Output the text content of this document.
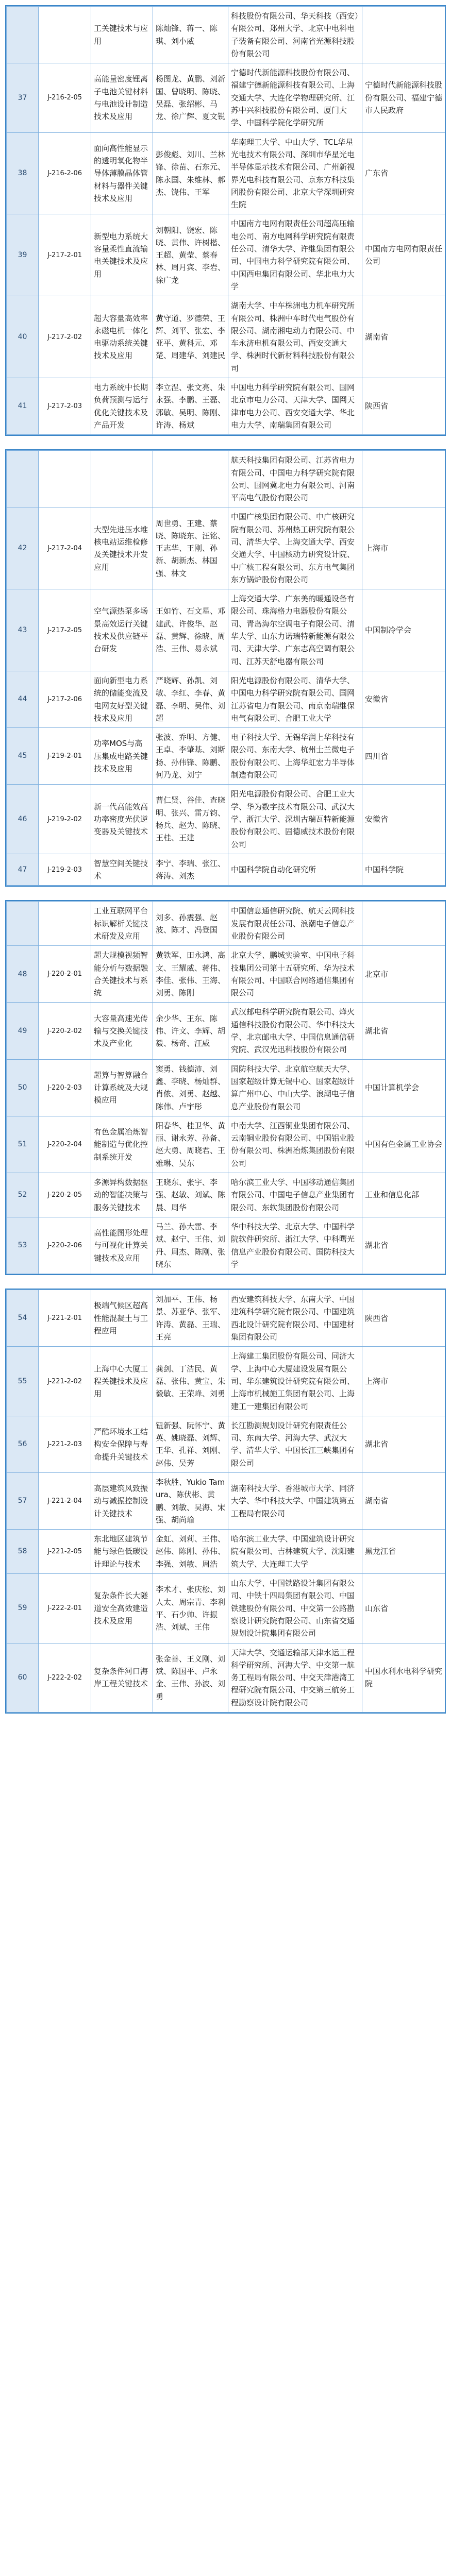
		工关键技术与应用	陈灿锋、蒋一、陈琪、刘小威	科技股份有限公司、华天科技（西安）有限公司、郑州大学、北京中电科电子装备有限公司、河南省光源科技股份有限公司	
37	J-216-2-05	高能量密度锂离子电池关键材料与电池设计制造技术及应用	杨图龙、黄鹏、刘新国、曾晓明、陈晓、吴磊、张绍彬、马龙、徐广辉、夏文锐	宁德时代新能源科技股份有限公司、福建宁德新能源科技有限公司、上海交通大学、大连化学物理研究所、江苏中兴科技股份有限公司、厦门大学、中国科学院化学研究所	宁德时代新能源科技股份有限公司、福建宁德市人民政府
38	J-216-2-06	面向高性能显示的透明氧化物半导体薄膜晶体管材料与器件关键技术及应用	彭俊彪、刘川、兰林锋、徐苗、石东元、陈永国、朱维林、郝杰、饶伟、王军	华南理工大学、中山大学、TCL华星光电技术有限公司、深圳市华星光电半导体显示技术有限公司、广州新视界光电科技有限公司、京东方科技集团股份有限公司、北京大学深圳研究生院	广东省
39	J-217-2-01	新型电力系统大容量柔性直流输电关键技术及应用	刘朝阳、饶宏、陈晓、黄伟、许树楷、王超、黄莹、蔡春林、周月宾、李岩、徐广龙	中国南方电网有限责任公司超高压输电公司、南方电网科学研究院有限责任公司、清华大学、许继集团有限公司、中国电力科学研究院有限公司、中国西电集团有限公司、华北电力大学	中国南方电网有限责任公司
40	J-217-2-02	超大容量高效率永磁电机一体化电驱动系统关键技术及应用	黄守道、罗德荣、王辉、刘平、张宏、李亚平、黄科元、邓楚、周建华、刘建民	湖南大学、中车株洲电力机车研究所有限公司、株洲中车时代电气股份有限公司、湖南湘电动力有限公司、中车永济电机有限公司、西安交通大学、株洲时代新材料科技股份有限公司	湖南省
41	J-217-2-03	电力系统中长期负荷预测与运行优化关键技术及产品开发	李立浧、张文亮、朱永强、李鹏、王磊、郭敏、吴明、陈刚、许涛、杨斌	中国电力科学研究院有限公司、国网北京市电力公司、天津大学、国网天津市电力公司、西安交通大学、华北电力大学、南瑞集团有限公司	陕西省
				航天科技集团有限公司、江苏省电力有限公司、中国电力科学研究院有限公司、国网冀北电力有限公司、河南平高电气股份有限公司	
42	J-217-2-04	大型先进压水堆核电站运维检修及关键技术开发应用	周世勇、王建、蔡晓、陈晓东、汪铭、王志华、王刚、孙新、胡新杰、林国强、林文	中国广核集团有限公司、中广核研究院有限公司、苏州热工研究院有限公司、清华大学、上海交通大学、西安交通大学、中国核动力研究设计院、中广核工程有限公司、东方电气集团东方锅炉股份有限公司	上海市
43	J-217-2-05	空气源热泵多场景高效运行关键技术及供应链平台研发	王如竹、石文星、邓建武、许俊华、赵磊、黄辉、徐晓、周浩、王伟、易永斌	上海交通大学、广东美的暖通设备有限公司、珠海格力电器股份有限公司、青岛海尔空调电子有限公司、清华大学、山东力诺瑞特新能源有限公司、天津大学、广东志高空调有限公司、江苏天舒电器有限公司	中国制冷学会
44	J-217-2-06	面向新型电力系统的储能变流及电网友好型关键技术及应用	严晓辉、孙凯、刘敏、李红、李春、黄磊、李明、吴伟、刘超	阳光电源股份有限公司、清华大学、中国电力科学研究院有限公司、国网江苏省电力有限公司、南京南瑞继保电气有限公司、合肥工业大学	安徽省
45	J-219-2-01	功率MOS与高压集成电路关键技术及应用	张波、乔明、方健、王卓、李肇基、刘斯扬、孙伟锋、陈鹏、何乃龙、刘宁	电子科技大学、无锡华润上华科技有限公司、东南大学、杭州士兰微电子股份有限公司、上海华虹宏力半导体制造有限公司	四川省
46	J-219-2-02	新一代高能效高功率密度光伏逆变器及关键技术	曹仁贤、谷佳、查晓明、张兴、雷万钧、杨兵、赵为、陈晓、王桂、王建	阳光电源股份有限公司、合肥工业大学、华为数字技术有限公司、武汉大学、浙江大学、深圳古瑞瓦特新能源股份有限公司、固德威技术股份有限公司	安徽省
47	J-219-2-03	智慧空间关键技术	李宁、李瑞、张江、蒋涛、刘杰	中国科学院自动化研究所	中国科学院
		工业互联网平台标识解析关键技术研发及应用	刘多、孙震强、赵波、陈才、冯登国	中国信息通信研究院、航天云网科技发展有限责任公司、浪潮电子信息产业股份有限公司	
48	J-220-2-01	超大规模视频智能分析与数据融合关键技术与系统	黄铁军、田永鸿、高文、王耀威、蒋伟、李佳、张伟、王海、刘勇、陈刚	北京大学、鹏城实验室、中国电子科技集团公司第十五研究所、华为技术有限公司、中国联合网络通信集团有限公司	北京市
49	J-220-2-02	大容量高速光传输与交换关键技术及产业化	余少华、王东、陈伟、许文、李辉、胡毅、杨奇、汪威	武汉邮电科学研究院有限公司、烽火通信科技股份有限公司、华中科技大学、北京邮电大学、中国信息通信研究院、武汉光迅科技股份有限公司	湖北省
50	J-220-2-03	超算与智算融合计算系统及大规模应用	窦勇、钱德沛、刘鑫、李晓、杨灿群、肖侬、刘勇、赵越、陈伟、卢宇彤	国防科技大学、北京航空航天大学、国家超级计算无锡中心、国家超级计算广州中心、中山大学、浪潮电子信息产业股份有限公司	中国计算机学会
51	J-220-2-04	有色金属冶炼智能制造与优化控制系统开发	阳春华、桂卫华、黄丽、谢永芳、孙备、赵大勇、周晓君、王雅琳、吴东	中南大学、江西铜业集团有限公司、云南铜业股份有限公司、中国铝业股份有限公司、株洲冶炼集团股份有限公司	中国有色金属工业协会
52	J-220-2-05	多源异构数据驱动的智能决策与服务关键技术	王晓东、张宇、李强、赵敏、刘斌、陈晨、周华	哈尔滨工业大学、中国移动通信集团有限公司、中国电子信息产业集团有限公司、东软集团股份有限公司	工业和信息化部
53	J-220-2-06	高性能图形处理与可视化计算关键技术及应用	马兰、孙大雷、李斌、赵宁、王伟、刘丹、周杰、陈刚、张晓东	华中科技大学、北京大学、中国科学院软件研究所、浙江大学、中科曙光信息产业股份有限公司、国防科技大学	湖北省
54	J-221-2-01	极端气候区超高性能混凝土与工程应用	刘加平、王伟、杨景、苏亚华、张军、许涛、黄磊、王瑞、王亮	西安建筑科技大学、东南大学、中国建筑科学研究院有限公司、中国建筑西北设计研究院有限公司、中国建材集团有限公司	陕西省
55	J-221-2-02	上海中心大厦工程关键技术及应用	龚剑、丁洁民、黄磊、张伟、黄宝、朱毅敏、王荣峰、刘勇	上海建工集团股份有限公司、同济大学、上海中心大厦建设发展有限公司、华东建筑设计研究院有限公司、上海市机械施工集团有限公司、上海建工一建集团有限公司	上海市
56	J-221-2-03	严酷环境水工结构安全保障与寿命提升关键技术	钮新强、阮怀宁、黄英、姚晓磊、刘辉、王华、孔祥、刘刚、赵伟、吴芳	长江勘测规划设计研究有限责任公司、东南大学、河海大学、武汉大学、清华大学、中国长江三峡集团有限公司	湖北省
57	J-221-2-04	高层建筑风致振动与减振控制设计关键技术	李秋胜、Yukio Tamura、陈伏彬、黄鹏、刘敏、吴海、宋强、胡尚瑜	湖南科技大学、香港城市大学、同济大学、华中科技大学、中国建筑第五工程局有限公司	湖南省
58	J-221-2-05	东北地区建筑节能与绿色低碳设计理论与技术	金虹、刘莉、王伟、赵伟、陈刚、孙伟、李强、刘敏、周浩	哈尔滨工业大学、中国建筑设计研究院有限公司、吉林建筑大学、沈阳建筑大学、大连理工大学	黑龙江省
59	J-222-2-01	复杂条件长大隧道安全高效建造技术及应用	李术才、张庆松、刘人太、周宗青、李利平、石少帅、许振浩、刘斌、王伟	山东大学、中国铁路设计集团有限公司、中铁十四局集团有限公司、中国铁建股份有限公司、中交第一公路勘察设计研究院有限公司、山东省交通规划设计院集团有限公司	山东省
60	J-222-2-02	复杂条件河口海岸工程关键技术	张金善、王义刚、刘斌、陈国平、卢永金、王伟、孙波、刘勇	天津大学、交通运输部天津水运工程科学研究所、河海大学、中交第一航务工程局有限公司、中交天津港湾工程研究院有限公司、中交第三航务工程勘察设计院有限公司	中国水利水电科学研究院
